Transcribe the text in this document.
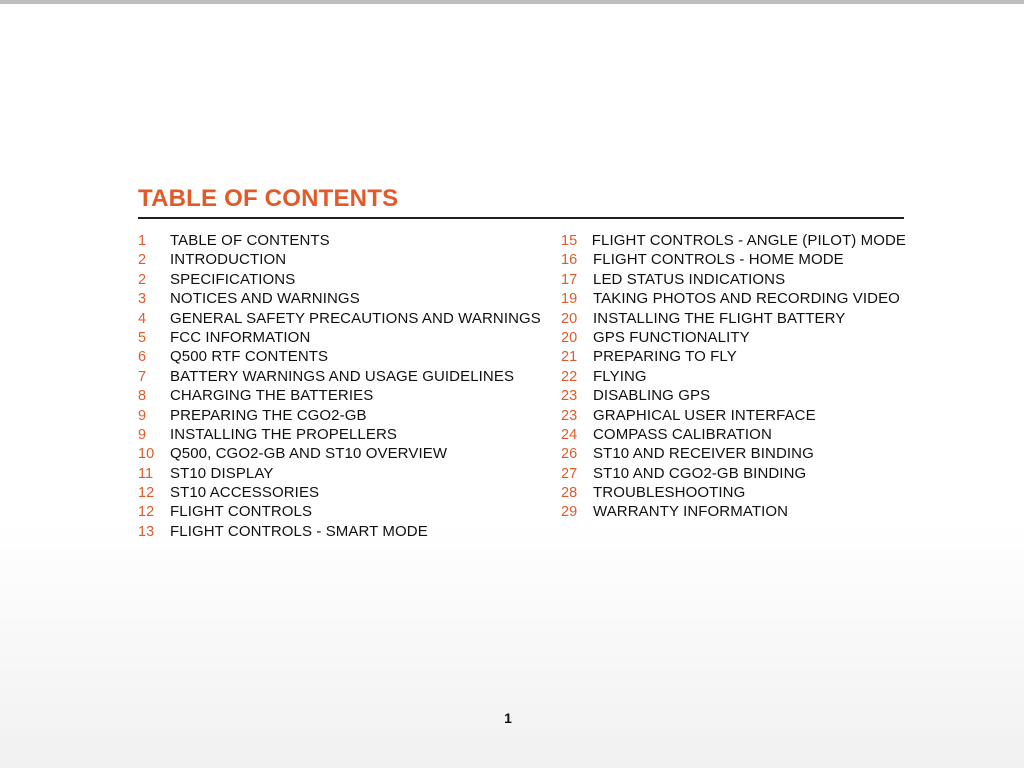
TABLE OF CONTENTS
1	TABLE OF CONTENTS
2	INTRODUCTION
2	SPECIFICATIONS
3	NOTICES AND WARNINGS
4	GENERAL SAFETY PRECAUTIONS AND WARNINGS
5	FCC INFORMATION
6	Q500 RTF CONTENTS
7	BATTERY WARNINGS AND USAGE GUIDELINES
8	CHARGING THE BATTERIES
9	PREPARING THE CGO2-GB
9	INSTALLING THE PROPELLERS
10	Q500, CGO2-GB AND ST10 OVERVIEW
11	ST10 DISPLAY
12	ST10 ACCESSORIES
12	FLIGHT CONTROLS
13	FLIGHT CONTROLS - SMART MODE
15 FLIGHT CONTROLS - ANGLE (PILOT) MODE
16	FLIGHT CONTROLS - HOME MODE
17	LED STATUS INDICATIONS
19	TAKING PHOTOS AND RECORDING VIDEO
20	INSTALLING THE FLIGHT BATTERY
20	GPS FUNCTIONALITY
21	PREPARING TO FLY
22	FLYING
23	DISABLING GPS
23	GRAPHICAL USER INTERFACE
24	COMPASS CALIBRATION
26	ST10 AND RECEIVER BINDING
27	ST10 AND CGO2-GB BINDING
28	TROUBLESHOOTING
29	WARRANTY INFORMATION
1
